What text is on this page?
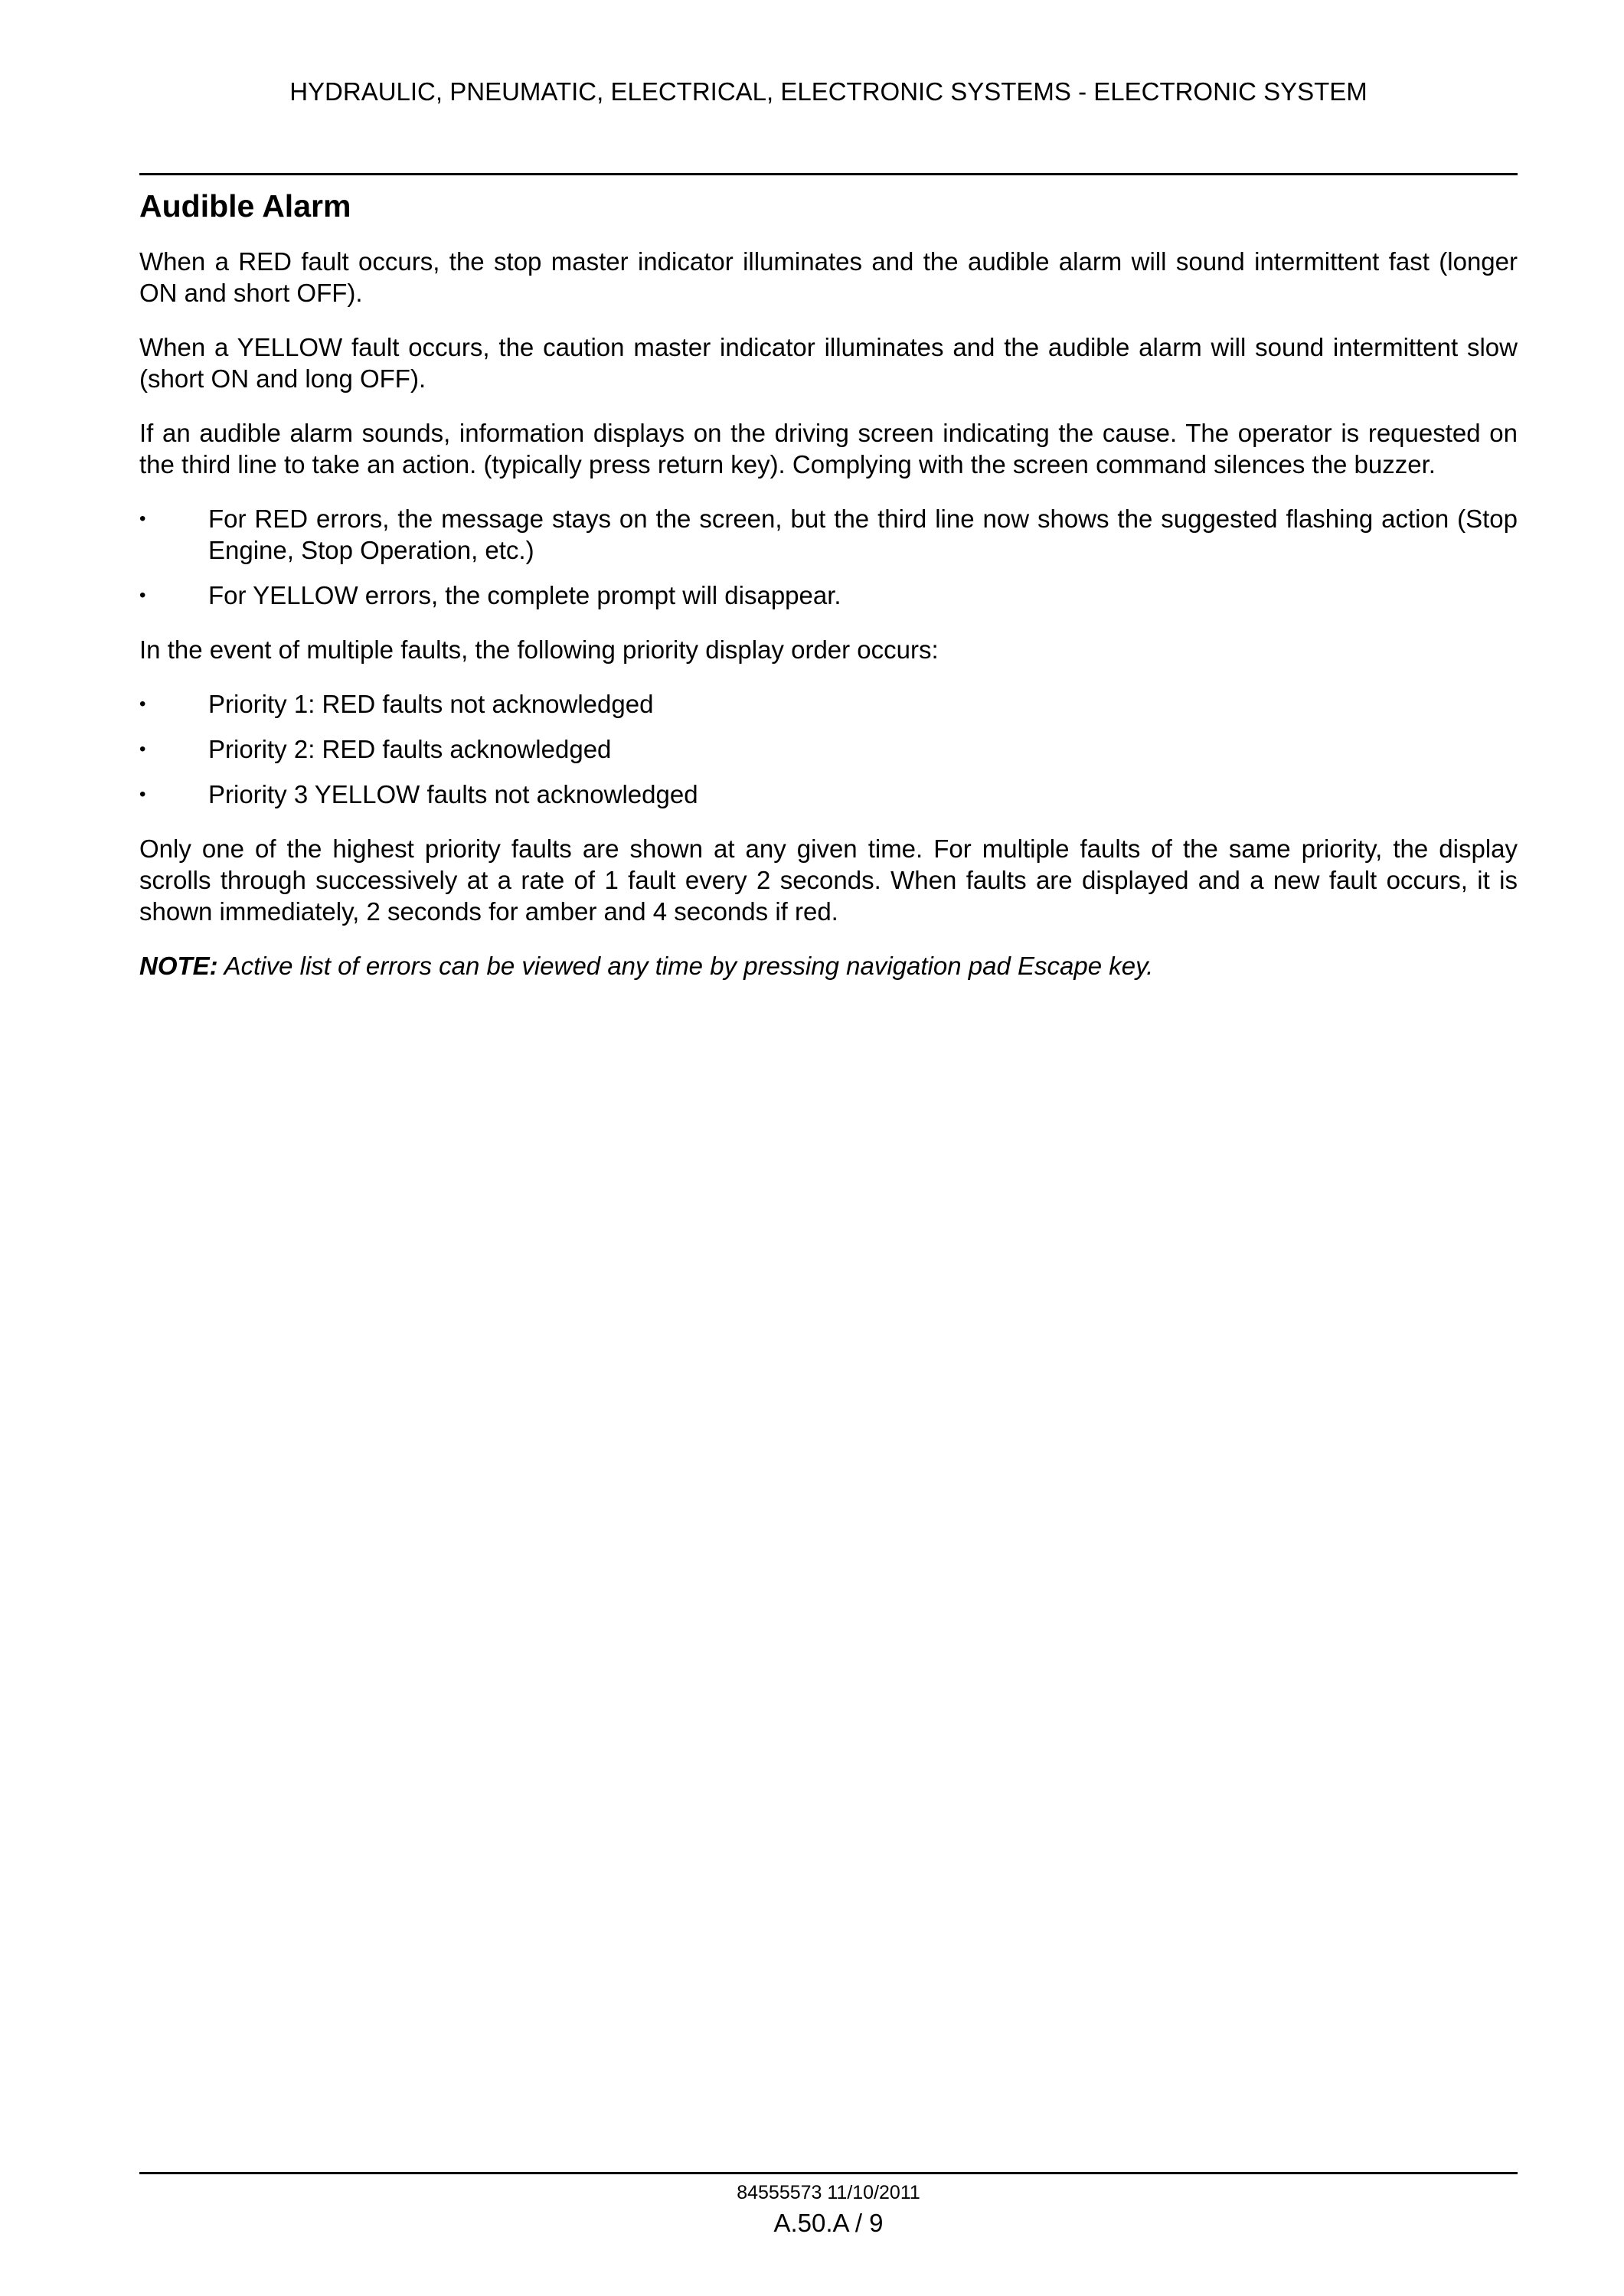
HYDRAULIC, PNEUMATIC, ELECTRICAL, ELECTRONIC SYSTEMS - ELECTRONIC SYSTEM
Audible Alarm

When a RED fault occurs, the stop master indicator illuminates and the audible alarm will sound intermittent fast (longer ON and short OFF).

When a YELLOW fault occurs, the caution master indicator illuminates and the audible alarm will sound intermittent slow (short ON and long OFF).

If an audible alarm sounds, information displays on the driving screen indicating the cause. The operator is requested on the third line to take an action. (typically press return key). Complying with the screen command silences the buzzer.

•	For RED errors, the message stays on the screen, but the third line now shows the suggested flashing action (Stop Engine, Stop Operation, etc.)
•	For YELLOW errors, the complete prompt will disappear.

In the event of multiple faults, the following priority display order occurs:

•	Priority 1: RED faults not acknowledged
•	Priority 2: RED faults acknowledged
•	Priority 3 YELLOW faults not acknowledged

Only one of the highest priority faults are shown at any given time. For multiple faults of the same priority, the display scrolls through successively at a rate of 1 fault every 2 seconds. When faults are displayed and a new fault occurs, it is shown immediately, 2 seconds for amber and 4 seconds if red.

NOTE: Active list of errors can be viewed any time by pressing navigation pad Escape key.

84555573 11/10/2011
A.50.A / 9
